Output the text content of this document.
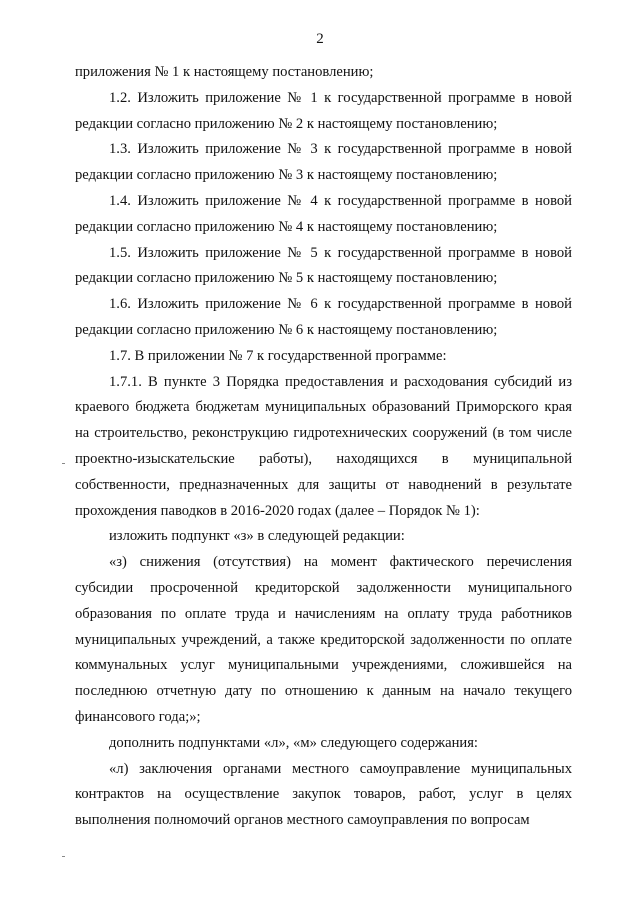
2

приложения № 1 к настоящему постановлению;

1.2. Изложить приложение № 1 к государственной программе в новой редакции согласно приложению № 2 к настоящему постановлению;

1.3. Изложить приложение № 3 к государственной программе в новой редакции согласно приложению № 3 к настоящему постановлению;

1.4. Изложить приложение № 4 к государственной программе в новой редакции согласно приложению № 4 к настоящему постановлению;

1.5. Изложить приложение № 5 к государственной программе в новой редакции согласно приложению № 5 к настоящему постановлению;

1.6. Изложить приложение № 6 к государственной программе в новой редакции согласно приложению № 6 к настоящему постановлению;

1.7. В приложении № 7 к государственной программе:

1.7.1. В пункте 3 Порядка предоставления и расходования субсидий из краевого бюджета бюджетам муниципальных образований Приморского края на строительство, реконструкцию гидротехнических сооружений (в том числе проектно-изыскательские работы), находящихся в муниципальной собственности, предназначенных для защиты от наводнений в результате прохождения паводков в 2016-2020 годах (далее – Порядок № 1):

изложить подпункт «з» в следующей редакции:

«з) снижения (отсутствия) на момент фактического перечисления субсидии просроченной кредиторской задолженности муниципального образования по оплате труда и начислениям на оплату труда работников муниципальных учреждений, а также кредиторской задолженности по оплате коммунальных услуг муниципальными учреждениями, сложившейся на последнюю отчетную дату по отношению к данным на начало текущего финансового года;»;

дополнить подпунктами «л», «м» следующего содержания:

«л) заключения органами местного самоуправление муниципальных контрактов на осуществление закупок товаров, работ, услуг в целях выполнения полномочий органов местного самоуправления по вопросам
